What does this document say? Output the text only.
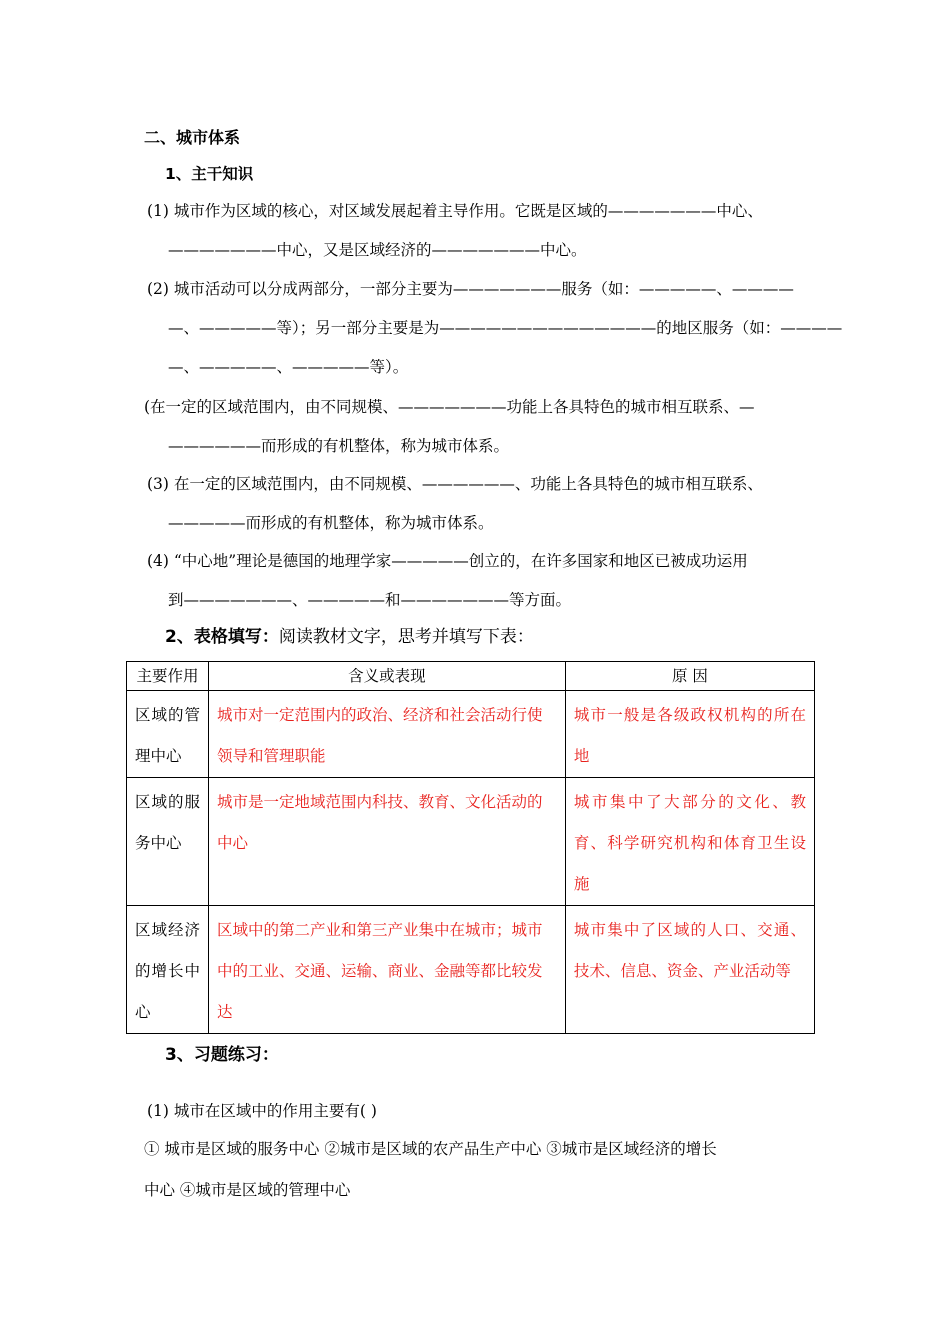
二、城市体系
1、主干知识
(1) 城市作为区域的核心，对区域发展起着主导作用。它既是区域的———————中心、
———————中心，又是区域经济的———————中心。
(2) 城市活动可以分成两部分，一部分主要为———————服务（如：—————、————
—、—————等）；另一部分主要是为——————————————的地区服务（如：————
—、—————、—————等）。
(在一定的区域范围内，由不同规模、———————功能上各具特色的城市相互联系、—
——————而形成的有机整体，称为城市体系。
(3) 在一定的区域范围内，由不同规模、——————、功能上各具特色的城市相互联系、
—————而形成的有机整体，称为城市体系。
(4) “中心地”理论是德国的地理学家—————创立的，在许多国家和地区已被成功运用
到———————、—————和———————等方面。
2、表格填写：阅读教材文字，思考并填写下表：
主要作用	含义或表现	原 因
区域的管理中心	城市对一定范围内的政治、经济和社会活动行使领导和管理职能	城市一般是各级政权机构的所在地
区域的服务中心	城市是一定地域范围内科技、教育、文化活动的中心	城市集中了大部分的文化、教育、科学研究机构和体育卫生设施
区域经济的增长中心	区域中的第二产业和第三产业集中在城市；城市中的工业、交通、运输、商业、金融等都比较发达	城市集中了区域的人口、交通、技术、信息、资金、产业活动等
3、习题练习：
(1) 城市在区域中的作用主要有( )
① 城市是区域的服务中心 ②城市是区域的农产品生产中心 ③城市是区域经济的增长
中心 ④城市是区域的管理中心
